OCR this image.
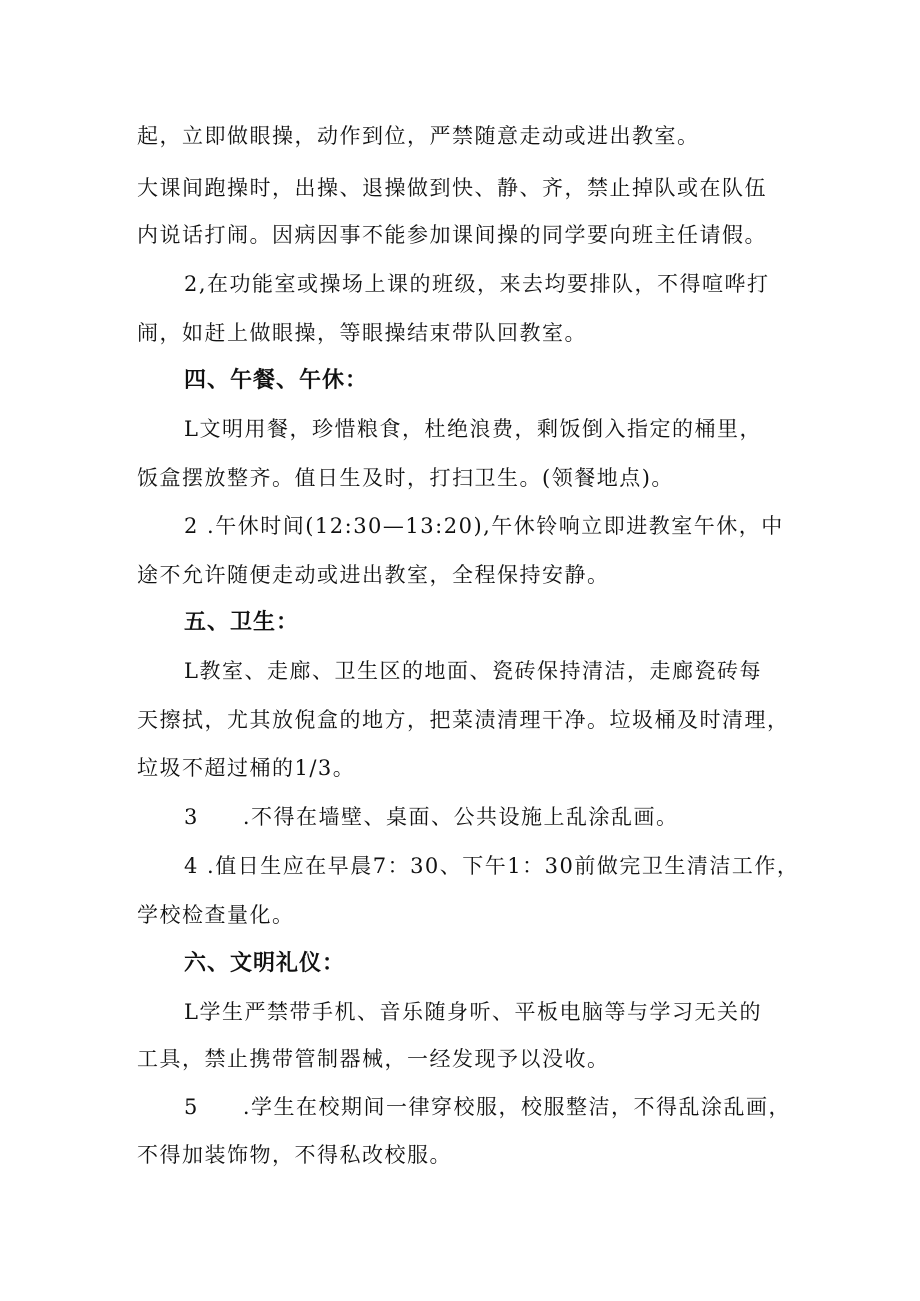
起，立即做眼操，动作到位，严禁随意走动或进出教室。
大课间跑操时，出操、退操做到快、静、齐，禁止掉队或在队伍
内说话打闹。因病因事不能参加课间操的同学要向班主任请假。
2,在功能室或操场上课的班级，来去均要排队，不得喧哗打
闹，如赶上做眼操，等眼操结束带队回教室。
四、午餐、午休：
L文明用餐，珍惜粮食，杜绝浪费，剩饭倒入指定的桶里，
饭盒摆放整齐。值日生及时，打扫卫生。(领餐地点)。
2 .午休时间(12:30—13:20),午休铃响立即进教室午休，中
途不允许随便走动或进出教室，全程保持安静。
五、卫生：
L教室、走廊、卫生区的地面、瓷砖保持清洁，走廊瓷砖每
天擦拭，尤其放倪盒的地方，把菜渍清理干净。垃圾桶及时清理，
垃圾不超过桶的1/3。
3 .不得在墙壁、桌面、公共设施上乱涂乱画。
4 .值日生应在早晨7：30、下午1：30前做完卫生清洁工作，
学校检查量化。
六、文明礼仪：
L学生严禁带手机、音乐随身听、平板电脑等与学习无关的
工具，禁止携带管制器械，一经发现予以没收。
5 .学生在校期间一律穿校服，校服整洁，不得乱涂乱画，
不得加装饰物，不得私改校服。
